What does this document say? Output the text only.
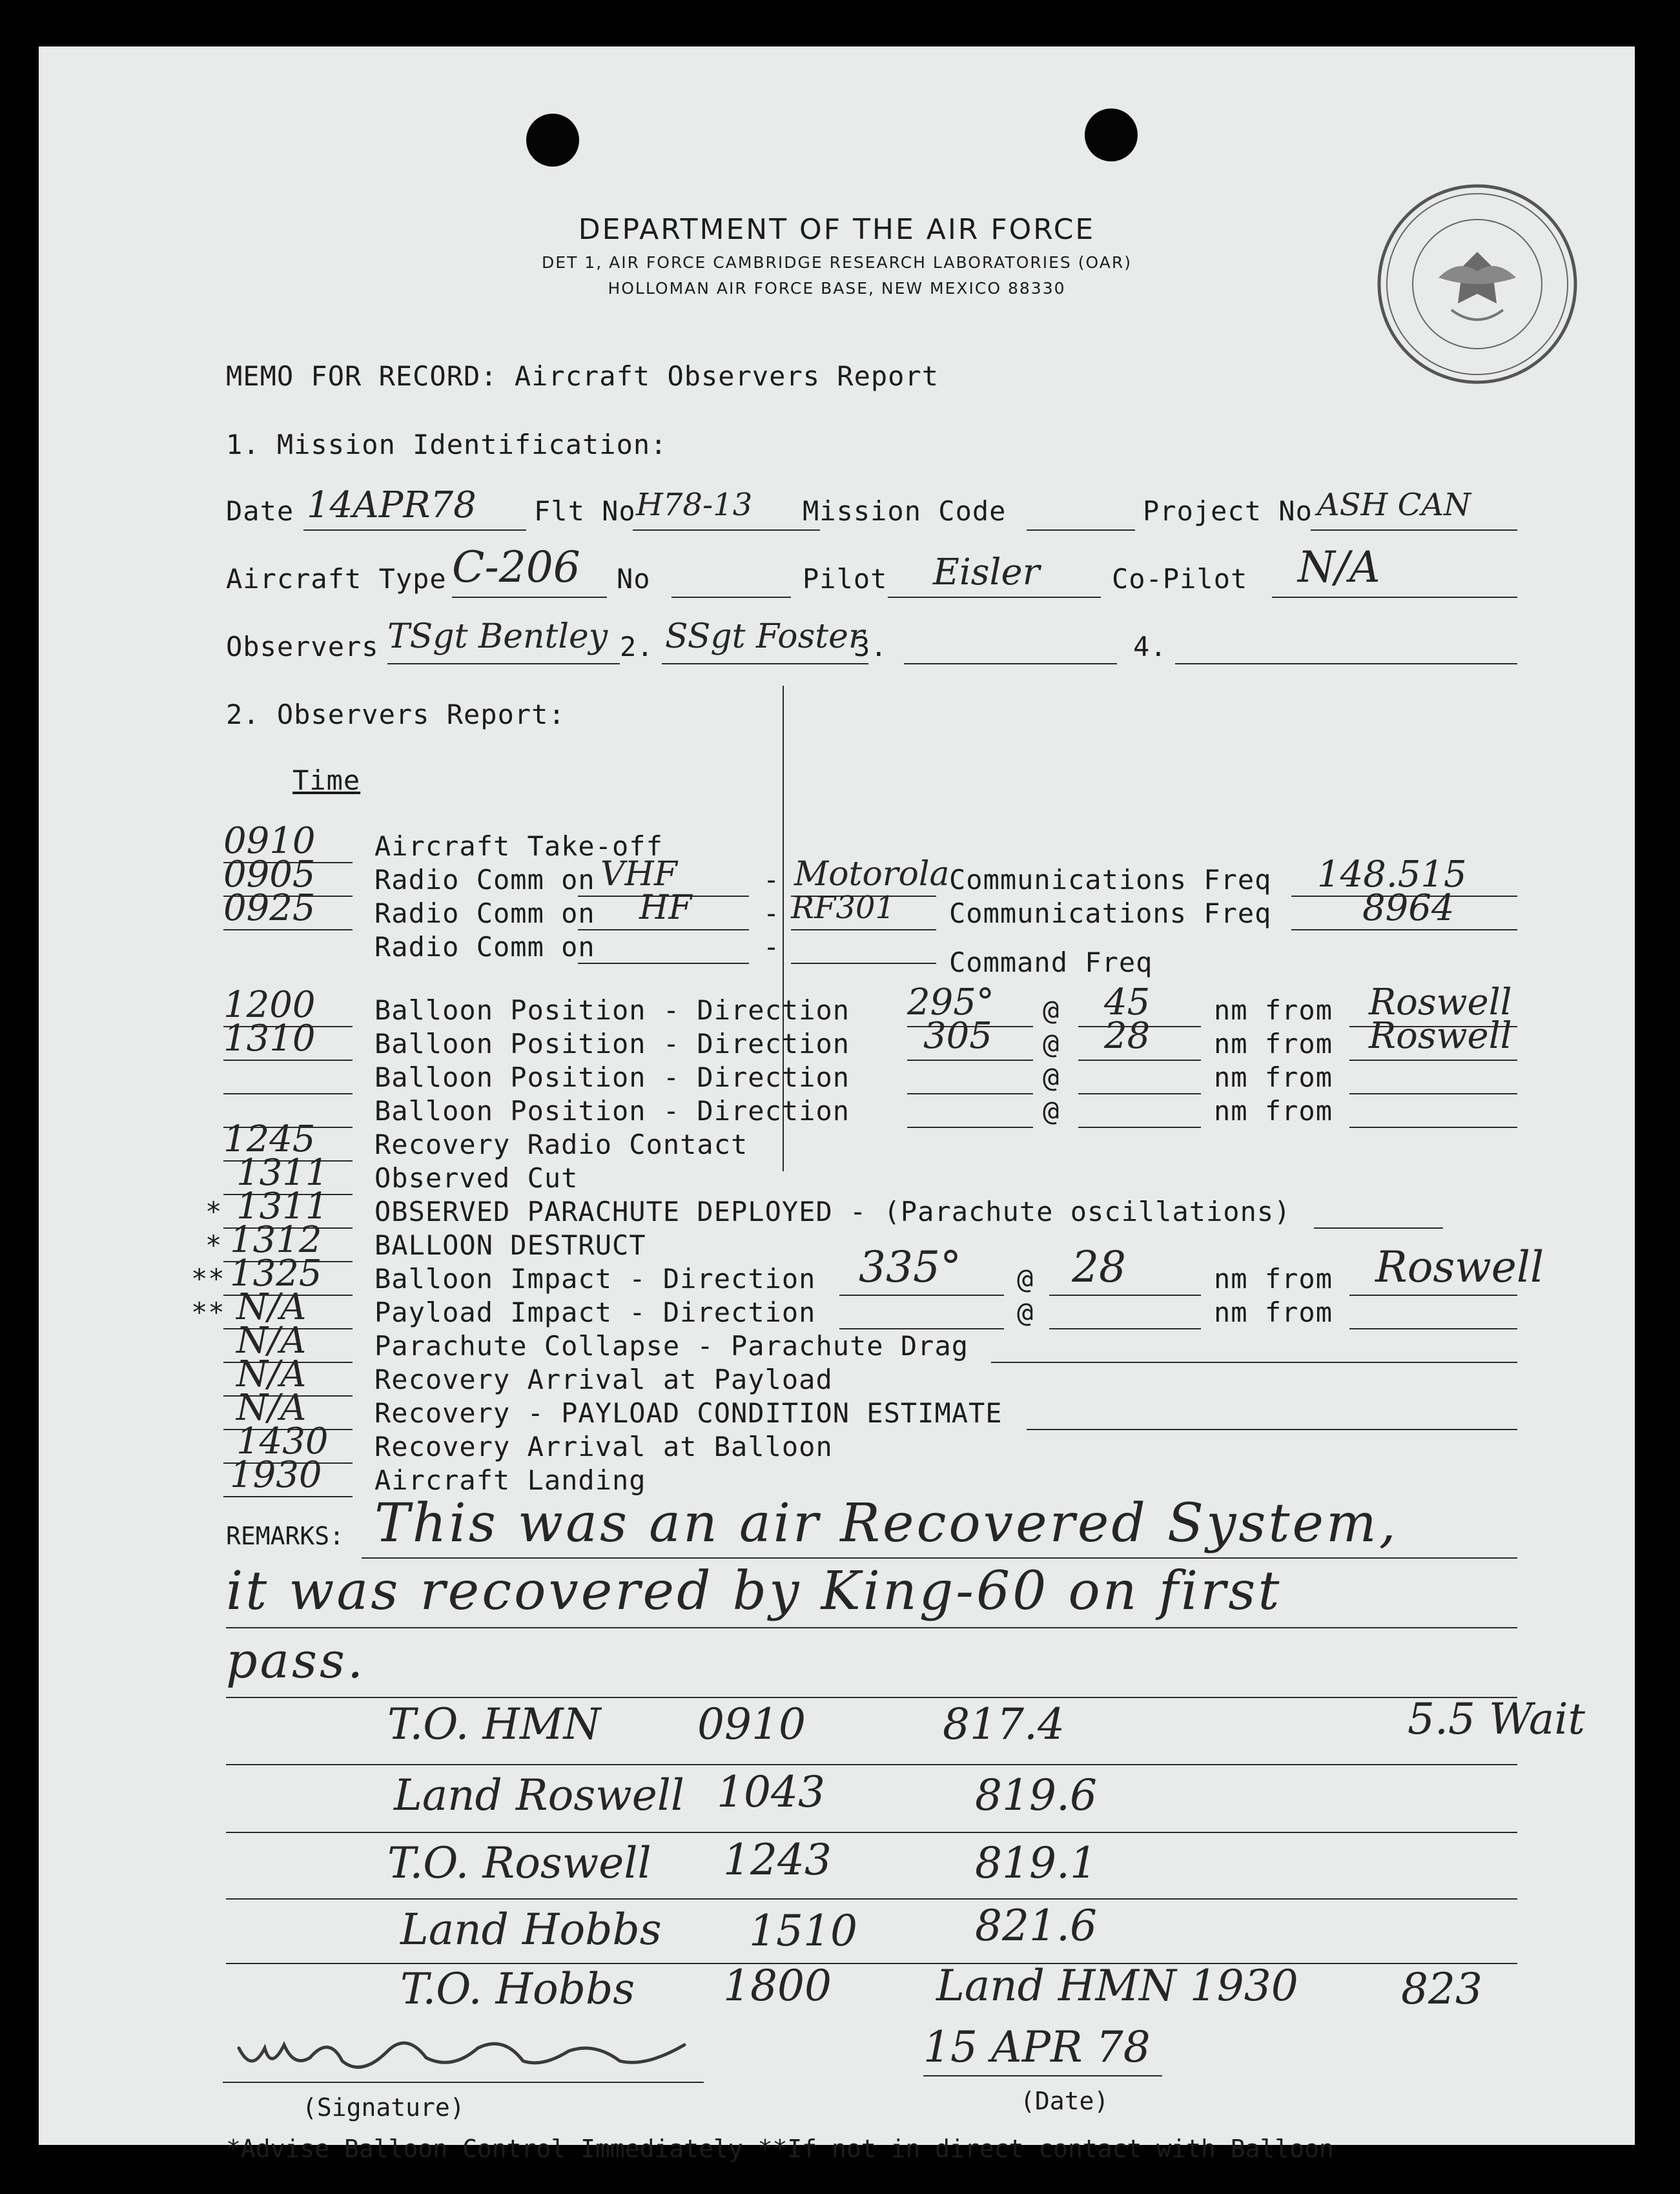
DEPARTMENT OF THE AIR FORCE
DET 1, AIR FORCE CAMBRIDGE RESEARCH LABORATORIES (OAR)
HOLLOMAN AIR FORCE BASE, NEW MEXICO 88330
MEMO FOR RECORD: Aircraft Observers Report
1. Mission Identification:
Date 14APR78 Flt No H78-13 Mission Code	Project No ASH CAN
Aircraft Type C-206 No	Pilot Eisler	Co-Pilot N/A
Observers TSgt Bentley 2. SSgt Foster
3.	4.
2. Observers Report:
Time
0910 Aircraft Take-off
0905 Radio Comm on VHF	- Motorola Communications Freq 148.515
0925 Radio Comm on HF	- RF301 Communications Freq	8964
Radio Comm on	-	Command Freq
1200 Balloon Position - Direction 295° @ 45 nm from Roswell
1310 Balloon Position - Direction 305 @ 28 nm from Roswell
Balloon Position - Direction	@	nm from
Balloon Position - Direction	@	nm from
1245 Recovery Radio Contact
1311 Observed Cut
* 1311 OBSERVED PARACHUTE DEPLOYED - (Parachute oscillations)
* 1312 BALLOON DESTRUCT
** 1325 Balloon Impact - Direction 335° @ 28	nm from Roswell
** N/A	Payload Impact - Direction	@	nm from
N/A	Parachute Collapse - Parachute Drag
N/A	Recovery Arrival at Payload
N/A	Recovery - PAYLOAD CONDITION ESTIMATE
1430 Recovery Arrival at Balloon
1930 Aircraft Landing
REMARKS: This was an air Recovered System,
it was recovered by King-60 on first
pass.
T.O. HMN 0910	817.4	5.5 Wait
Land Roswell 1043	819.6
T.O. Roswell 1243	819.1
Land Hobbs 1510	821.6
T.O. Hobbs 1800 Land HMN 1930 823
(Signature)
15 APR 78
(Date)
*Advise Balloon Control Immediately **If not in direct contact with Balloon
